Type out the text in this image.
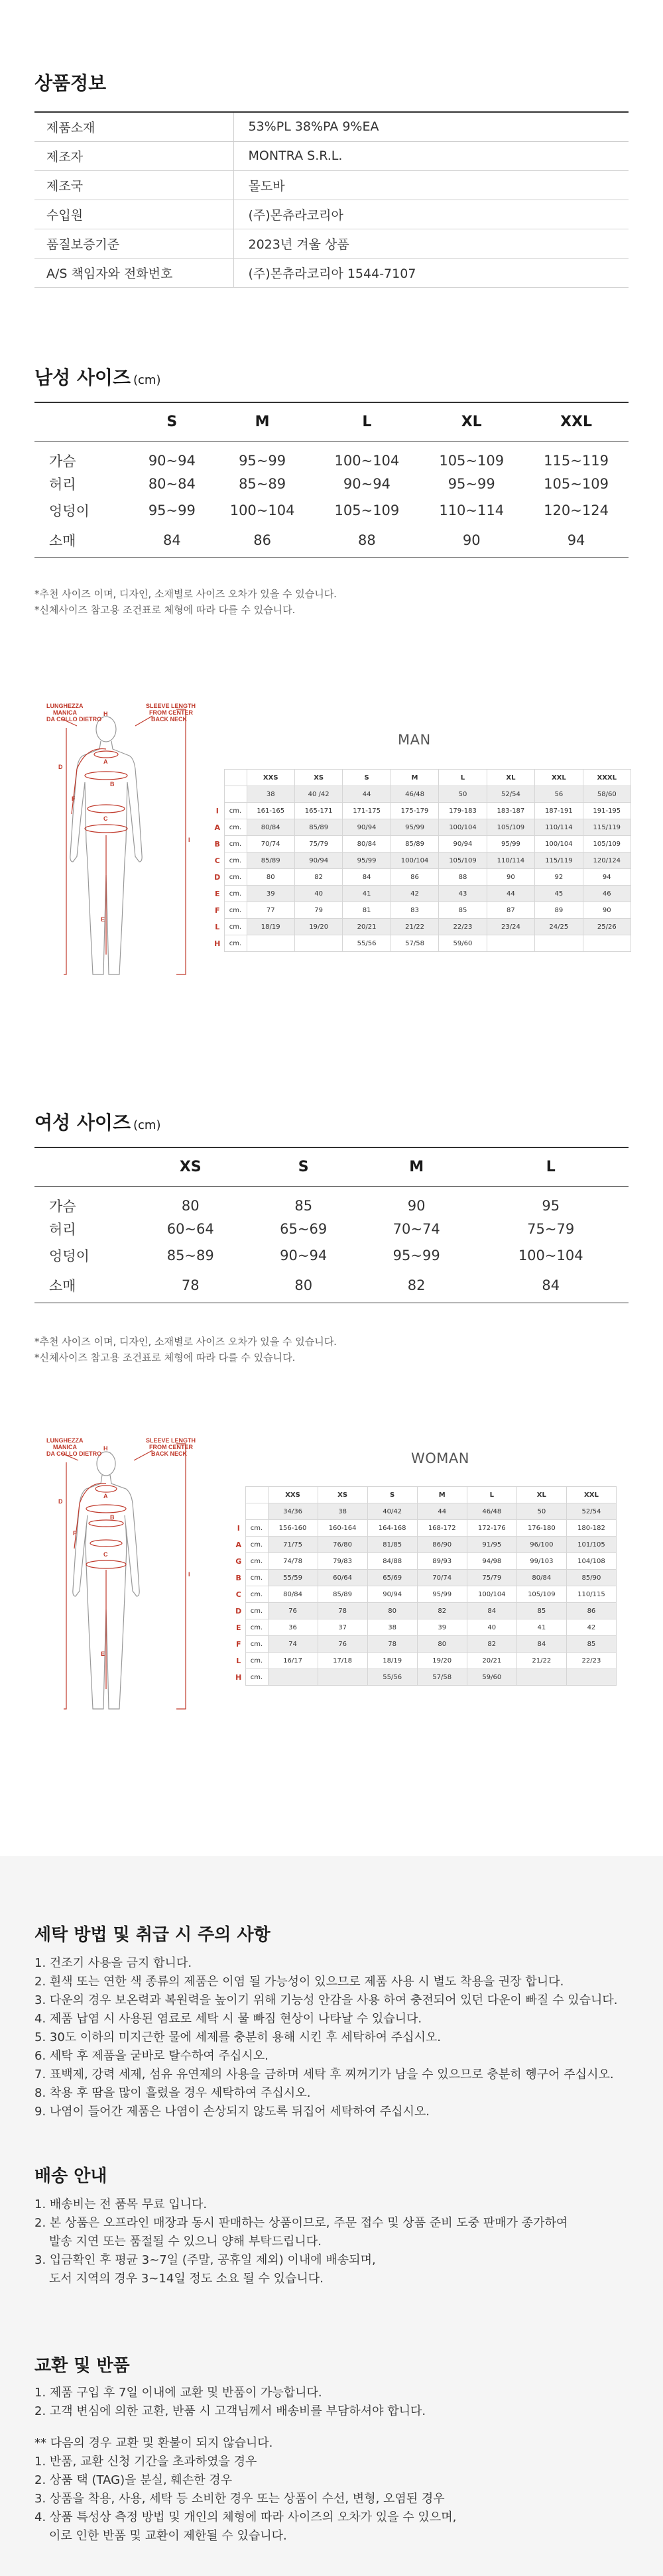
상품정보
제품소재	53%PL 38%PA 9%EA
제조자	MONTRA S.R.L.
제조국	몰도바
수입원	(주)몬츄라코리아
품질보증기준	2023년 겨울 상품
A/S 책임자와 전화번호	(주)몬츄라코리아 1544-7107
남성 사이즈 (cm)
	S	M	L	XL	XXL
가슴	90~94	95~99	100~104	105~109	115~119
허리	80~84	85~89	90~94	95~99	105~109
엉덩이	95~99	100~104	105~109	110~114	120~124
소매	84	86	88	90	94
*추천 사이즈 이며, 디자인, 소재별로 사이즈 오차가 있을 수 있습니다.
*신체사이즈 참고용 조건표로 체형에 따라 다를 수 있습니다.
LUNGHEZZA
MANICA
DA COLLO DIETRO
SLEEVE LENGTH
FROM CENTER
BACK NECK
H
A
B
C
D
E
F
I
MAN
		XXS	XS	S	M	L	XL	XXL	XXXL
		38	40 /42	44	46/48	50	52/54	56	58/60
I	cm.	161-165	165-171	171-175	175-179	179-183	183-187	187-191	191-195
A	cm.	80/84	85/89	90/94	95/99	100/104	105/109	110/114	115/119
B	cm.	70/74	75/79	80/84	85/89	90/94	95/99	100/104	105/109
C	cm.	85/89	90/94	95/99	100/104	105/109	110/114	115/119	120/124
D	cm.	80	82	84	86	88	90	92	94
E	cm.	39	40	41	42	43	44	45	46
F	cm.	77	79	81	83	85	87	89	90
L	cm.	18/19	19/20	20/21	21/22	22/23	23/24	24/25	25/26
H	cm.			55/56	57/58	59/60			
여성 사이즈 (cm)
	XS	S	M	L
가슴	80	85	90	95
허리	60~64	65~69	70~74	75~79
엉덩이	85~89	90~94	95~99	100~104
소매	78	80	82	84
*추천 사이즈 이며, 디자인, 소재별로 사이즈 오차가 있을 수 있습니다.
*신체사이즈 참고용 조건표로 체형에 따라 다를 수 있습니다.
LUNGHEZZA
MANICA
DA COLLO DIETRO
SLEEVE LENGTH
FROM CENTER
BACK NECK
H
A
B
C
D
E
F
I
WOMAN
		XXS	XS	S	M	L	XL	XXL
		34/36	38	40/42	44	46/48	50	52/54
I	cm.	156-160	160-164	164-168	168-172	172-176	176-180	180-182
A	cm.	71/75	76/80	81/85	86/90	91/95	96/100	101/105
G	cm.	74/78	79/83	84/88	89/93	94/98	99/103	104/108
B	cm.	55/59	60/64	65/69	70/74	75/79	80/84	85/90
C	cm.	80/84	85/89	90/94	95/99	100/104	105/109	110/115
D	cm.	76	78	80	82	84	85	86
E	cm.	36	37	38	39	40	41	42
F	cm.	74	76	78	80	82	84	85
L	cm.	16/17	17/18	18/19	19/20	20/21	21/22	22/23
H	cm.			55/56	57/58	59/60		
세탁 방법 및 취급 시 주의 사항
1. 건조기 사용을 금지 합니다.
2. 흰색 또는 연한 색 종류의 제품은 이염 될 가능성이 있으므로 제품 사용 시 별도 착용을 권장 합니다.
3. 다운의 경우 보온력과 복원력을 높이기 위해 기능성 안감을 사용 하여 충전되어 있던 다운이 빠질 수 있습니다.
4. 제품 납염 시 사용된 염료로 세탁 시 물 빠짐 현상이 나타날 수 있습니다.
5. 30도 이하의 미지근한 물에 세제를 충분히 용해 시킨 후 세탁하여 주십시오.
6. 세탁 후 제품을 굳바로 탈수하여 주십시오.
7. 표백제, 강력 세제, 섬유 유연제의 사용을 금하며 세탁 후 찌꺼기가 남을 수 있으므로 충분히 헹구어 주십시오.
8. 착용 후 땀을 많이 흘렸을 경우 세탁하여 주십시오.
9. 나염이 들어간 제품은 나염이 손상되지 않도록 뒤집어 세탁하여 주십시오.
배송 안내
1. 배송비는 전 품목 무료 입니다.
2. 본 상품은 오프라인 매장과 동시 판매하는 상품이므로, 주문 접수 및 상품 준비 도중 판매가 종가하여
발송 지연 또는 품절될 수 있으니 양해 부탁드립니다.
3. 입금확인 후 평균 3~7일 (주말, 공휴일 제외) 이내에 배송되며,
도서 지역의 경우 3~14일 정도 소요 될 수 있습니다.
교환 및 반품
1. 제품 구입 후 7일 이내에 교환 및 반품이 가능합니다.
2. 고객 변심에 의한 교환, 반품 시 고객님께서 배송비를 부담하셔야 합니다.
** 다음의 경우 교환 및 환불이 되지 않습니다.
1. 반품, 교환 신청 기간을 초과하였을 경우
2. 상품 택 (TAG)을 분실, 훼손한 경우
3. 상품을 착용, 사용, 세탁 등 소비한 경우 또는 상품이 수선, 변형, 오염된 경우
4. 상품 특성상 측정 방법 및 개인의 체형에 따라 사이즈의 오차가 있을 수 있으며,
이로 인한 반품 및 교환이 제한될 수 있습니다.
